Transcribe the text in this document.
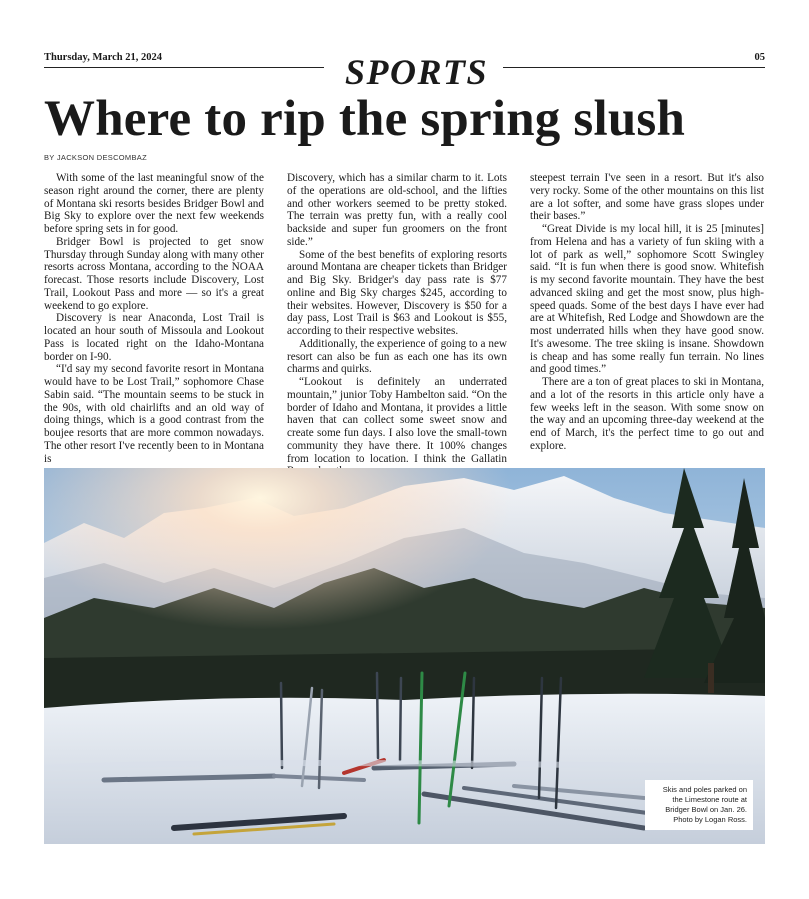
Thursday, March 21, 2024	SPORTS	05
Where to rip the spring slush
BY JACKSON DESCOMBAZ

With some of the last meaningful snow of the season right around the corner, there are plenty of Montana ski resorts besides Bridger Bowl and Big Sky to explore over the next few weekends before spring sets in for good.

Bridger Bowl is projected to get snow Thursday through Sunday along with many other resorts across Montana, according to the NOAA forecast. Those resorts include Discovery, Lost Trail, Lookout Pass and more — so it's a great weekend to go explore.

Discovery is near Anaconda, Lost Trail is located an hour south of Missoula and Lookout Pass is located right on the Idaho-Montana border on I-90.

“I'd say my second favorite resort in Montana would have to be Lost Trail,” sophomore Chase Sabin said. “The mountain seems to be stuck in the 90s, with old chairlifts and an old way of doing things, which is a good contrast from the boujee resorts that are more common nowadays. The other resort I've recently been to in Montana is

Discovery, which has a similar charm to it. Lots of the operations are old-school, and the lifties and other workers seemed to be pretty stoked. The terrain was pretty fun, with a really cool backside and super fun groomers on the front side.”

Some of the best benefits of exploring resorts around Montana are cheaper tickets than Bridger and Big Sky. Bridger's day pass rate is $77 online and Big Sky charges $245, according to their websites. However, Discovery is $50 for a day pass, Lost Trail is $63 and Lookout is $55, according to their respective websites.

Additionally, the experience of going to a new resort can also be fun as each one has its own charms and quirks.

“Lookout is definitely an underrated mountain,” junior Toby Hambelton said. “On the border of Idaho and Montana, it provides a little haven that can collect some sweet snow and create some fun days. I also love the small-town community they have there. It 100% changes from location to location. I think the Gallatin

steepest terrain I've seen in a resort. But it's also very rocky. Some of the other mountains on this list are a lot softer, and some have grass slopes under their bases.”

“Great Divide is my local hill, it is 25 [minutes] from Helena and has a variety of fun skiing with a lot of park as well,” sophomore Scott Swingley said. “It is fun when there is good snow. Whitefish is my second favorite mountain. They have the best advanced skiing and get the most snow, plus high-speed quads. Some of the best days I have ever had are at Whitefish, Red Lodge and Showdown are the most underrated hills when they have good snow. It's awesome. The tree skiing is insane. Showdown is cheap and has some really fun terrain. No lines and good times.”

There are a ton of great places to ski in Montana, and a lot of the resorts in this article only have a few weeks left in the season. With some snow on the way and an upcoming three-day weekend at the end of March, it's the perfect time to go out and explore.

Skis and poles parked on the Limestone route at Bridger Bowl on Jan. 26. Photo by Logan Ross.
